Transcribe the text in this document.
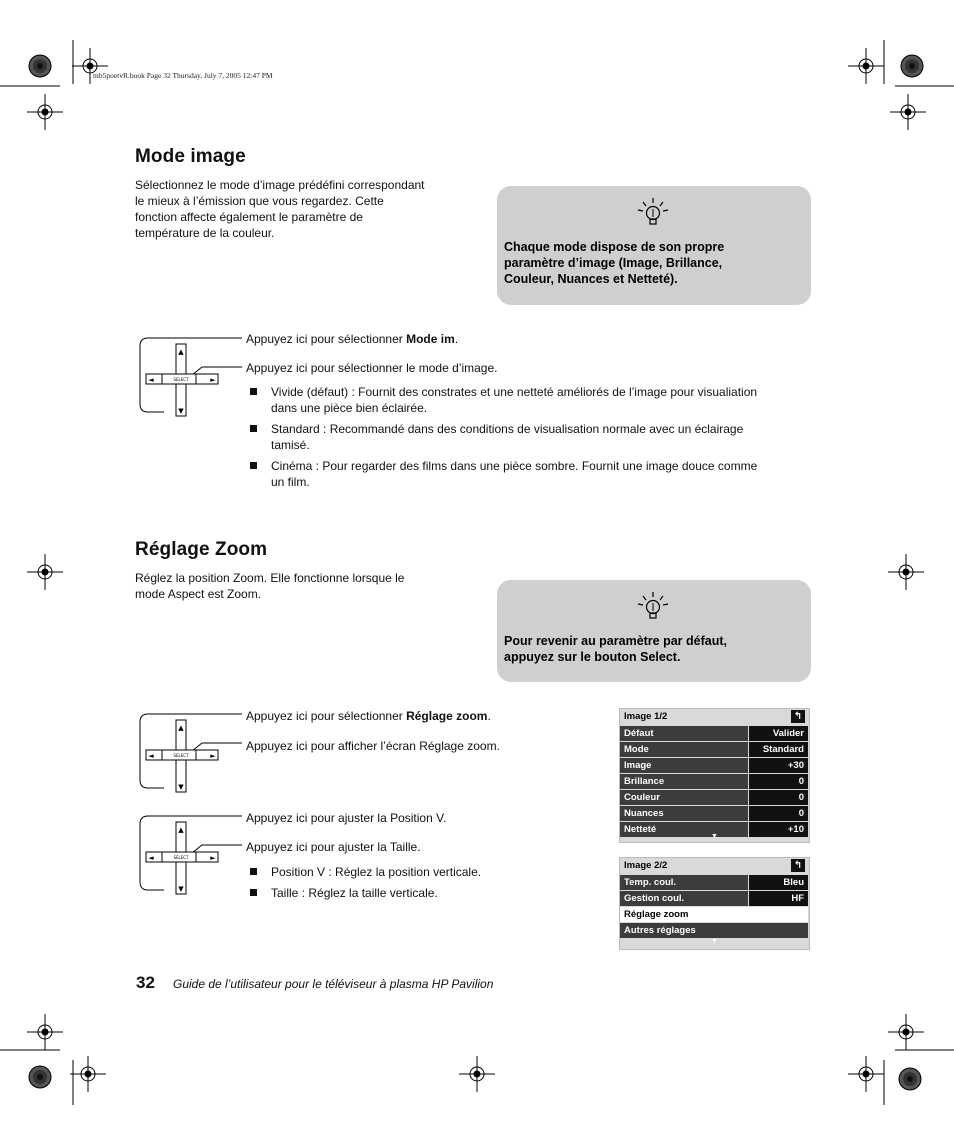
mb5poetvR.book Page 32 Thursday, July 7, 2005 12:47 PM
Mode image
Sélectionnez le mode d’image prédéfini correspondant
le mieux à l’émission que vous regardez. Cette
fonction affecte également le paramètre de
température de la couleur.
Chaque mode dispose de son propre
paramètre d’image (Image, Brillance,
Couleur, Nuances et Netteté).
▲
▼
◄	►
SELECT
Appuyez ici pour sélectionner Mode im.
Appuyez ici pour sélectionner le mode d’image.
Vivide (défaut) : Fournit des constrates et une netteté améliorés de l’image pour visualiation
dans une pièce bien éclairée.
Standard : Recommandé dans des conditions de visualisation normale avec un éclairage
tamisé.
Cinéma : Pour regarder des films dans une pièce sombre. Fournit une image douce comme
un film.
Réglage Zoom
Réglez la position Zoom. Elle fonctionne lorsque le
mode Aspect est Zoom.
Pour revenir au paramètre par défaut,
appuyez sur le bouton Select.
▲
▼
◄	►
SELECT
Appuyez ici pour sélectionner Réglage zoom.
Appuyez ici pour afficher l’écran Réglage zoom.
▲
▼
◄	►
SELECT
Appuyez ici pour ajuster la Position V.
Appuyez ici pour ajuster la Taille.
Position V : Réglez la position verticale.
Taille : Réglez la taille verticale.
Image 1/2	↰
Défaut	Valider
Mode	Standard
Image	+30
Brillance	0
Couleur	0
Nuances	0
Netteté	+10
▼
Image 2/2	↰
Temp. coul.	Bleu
Gestion coul.	HF
Réglage zoom
Autres réglages
▼
32 Guide de l’utilisateur pour le téléviseur à plasma HP Pavilion
